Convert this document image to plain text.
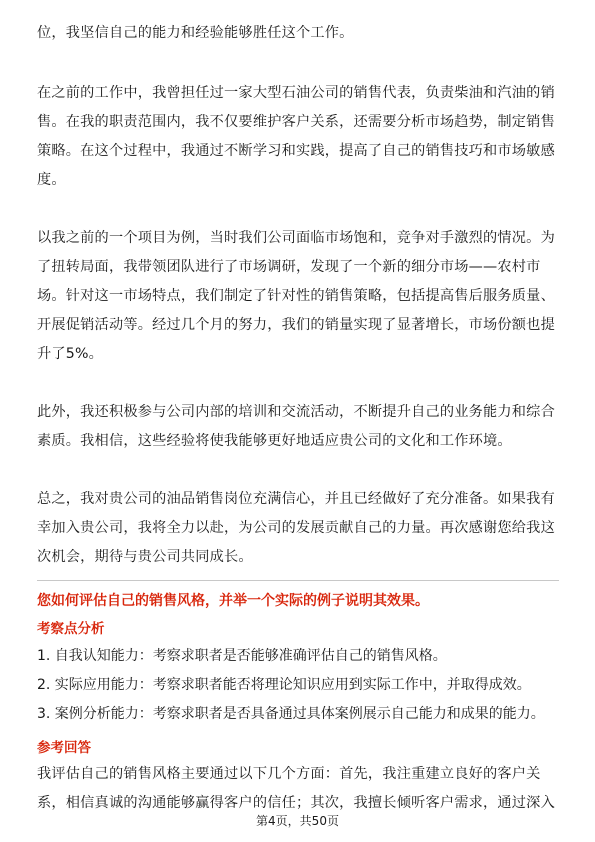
位，我坚信自己的能力和经验能够胜任这个工作。

在之前的工作中，我曾担任过一家大型石油公司的销售代表，负责柴油和汽油的销售。在我的职责范围内，我不仅要维护客户关系，还需要分析市场趋势，制定销售策略。在这个过程中，我通过不断学习和实践，提高了自己的销售技巧和市场敏感度。

以我之前的一个项目为例，当时我们公司面临市场饱和，竞争对手激烈的情况。为了扭转局面，我带领团队进行了市场调研，发现了一个新的细分市场——农村市场。针对这一市场特点，我们制定了针对性的销售策略，包括提高售后服务质量、开展促销活动等。经过几个月的努力，我们的销量实现了显著增长，市场份额也提升了5%。

此外，我还积极参与公司内部的培训和交流活动，不断提升自己的业务能力和综合素质。我相信，这些经验将使我能够更好地适应贵公司的文化和工作环境。

总之，我对贵公司的油品销售岗位充满信心，并且已经做好了充分准备。如果我有幸加入贵公司，我将全力以赴，为公司的发展贡献自己的力量。再次感谢您给我这次机会，期待与贵公司共同成长。

您如何评估自己的销售风格，并举一个实际的例子说明其效果。
考察点分析
1. 自我认知能力：考察求职者是否能够准确评估自己的销售风格。
2. 实际应用能力：考察求职者能否将理论知识应用到实际工作中，并取得成效。
3. 案例分析能力：考察求职者是否具备通过具体案例展示自己能力和成果的能力。
参考回答

我评估自己的销售风格主要通过以下几个方面：首先，我注重建立良好的客户关系，相信真诚的沟通能够赢得客户的信任；其次，我擅长倾听客户需求，通过深入

第4页，共50页
